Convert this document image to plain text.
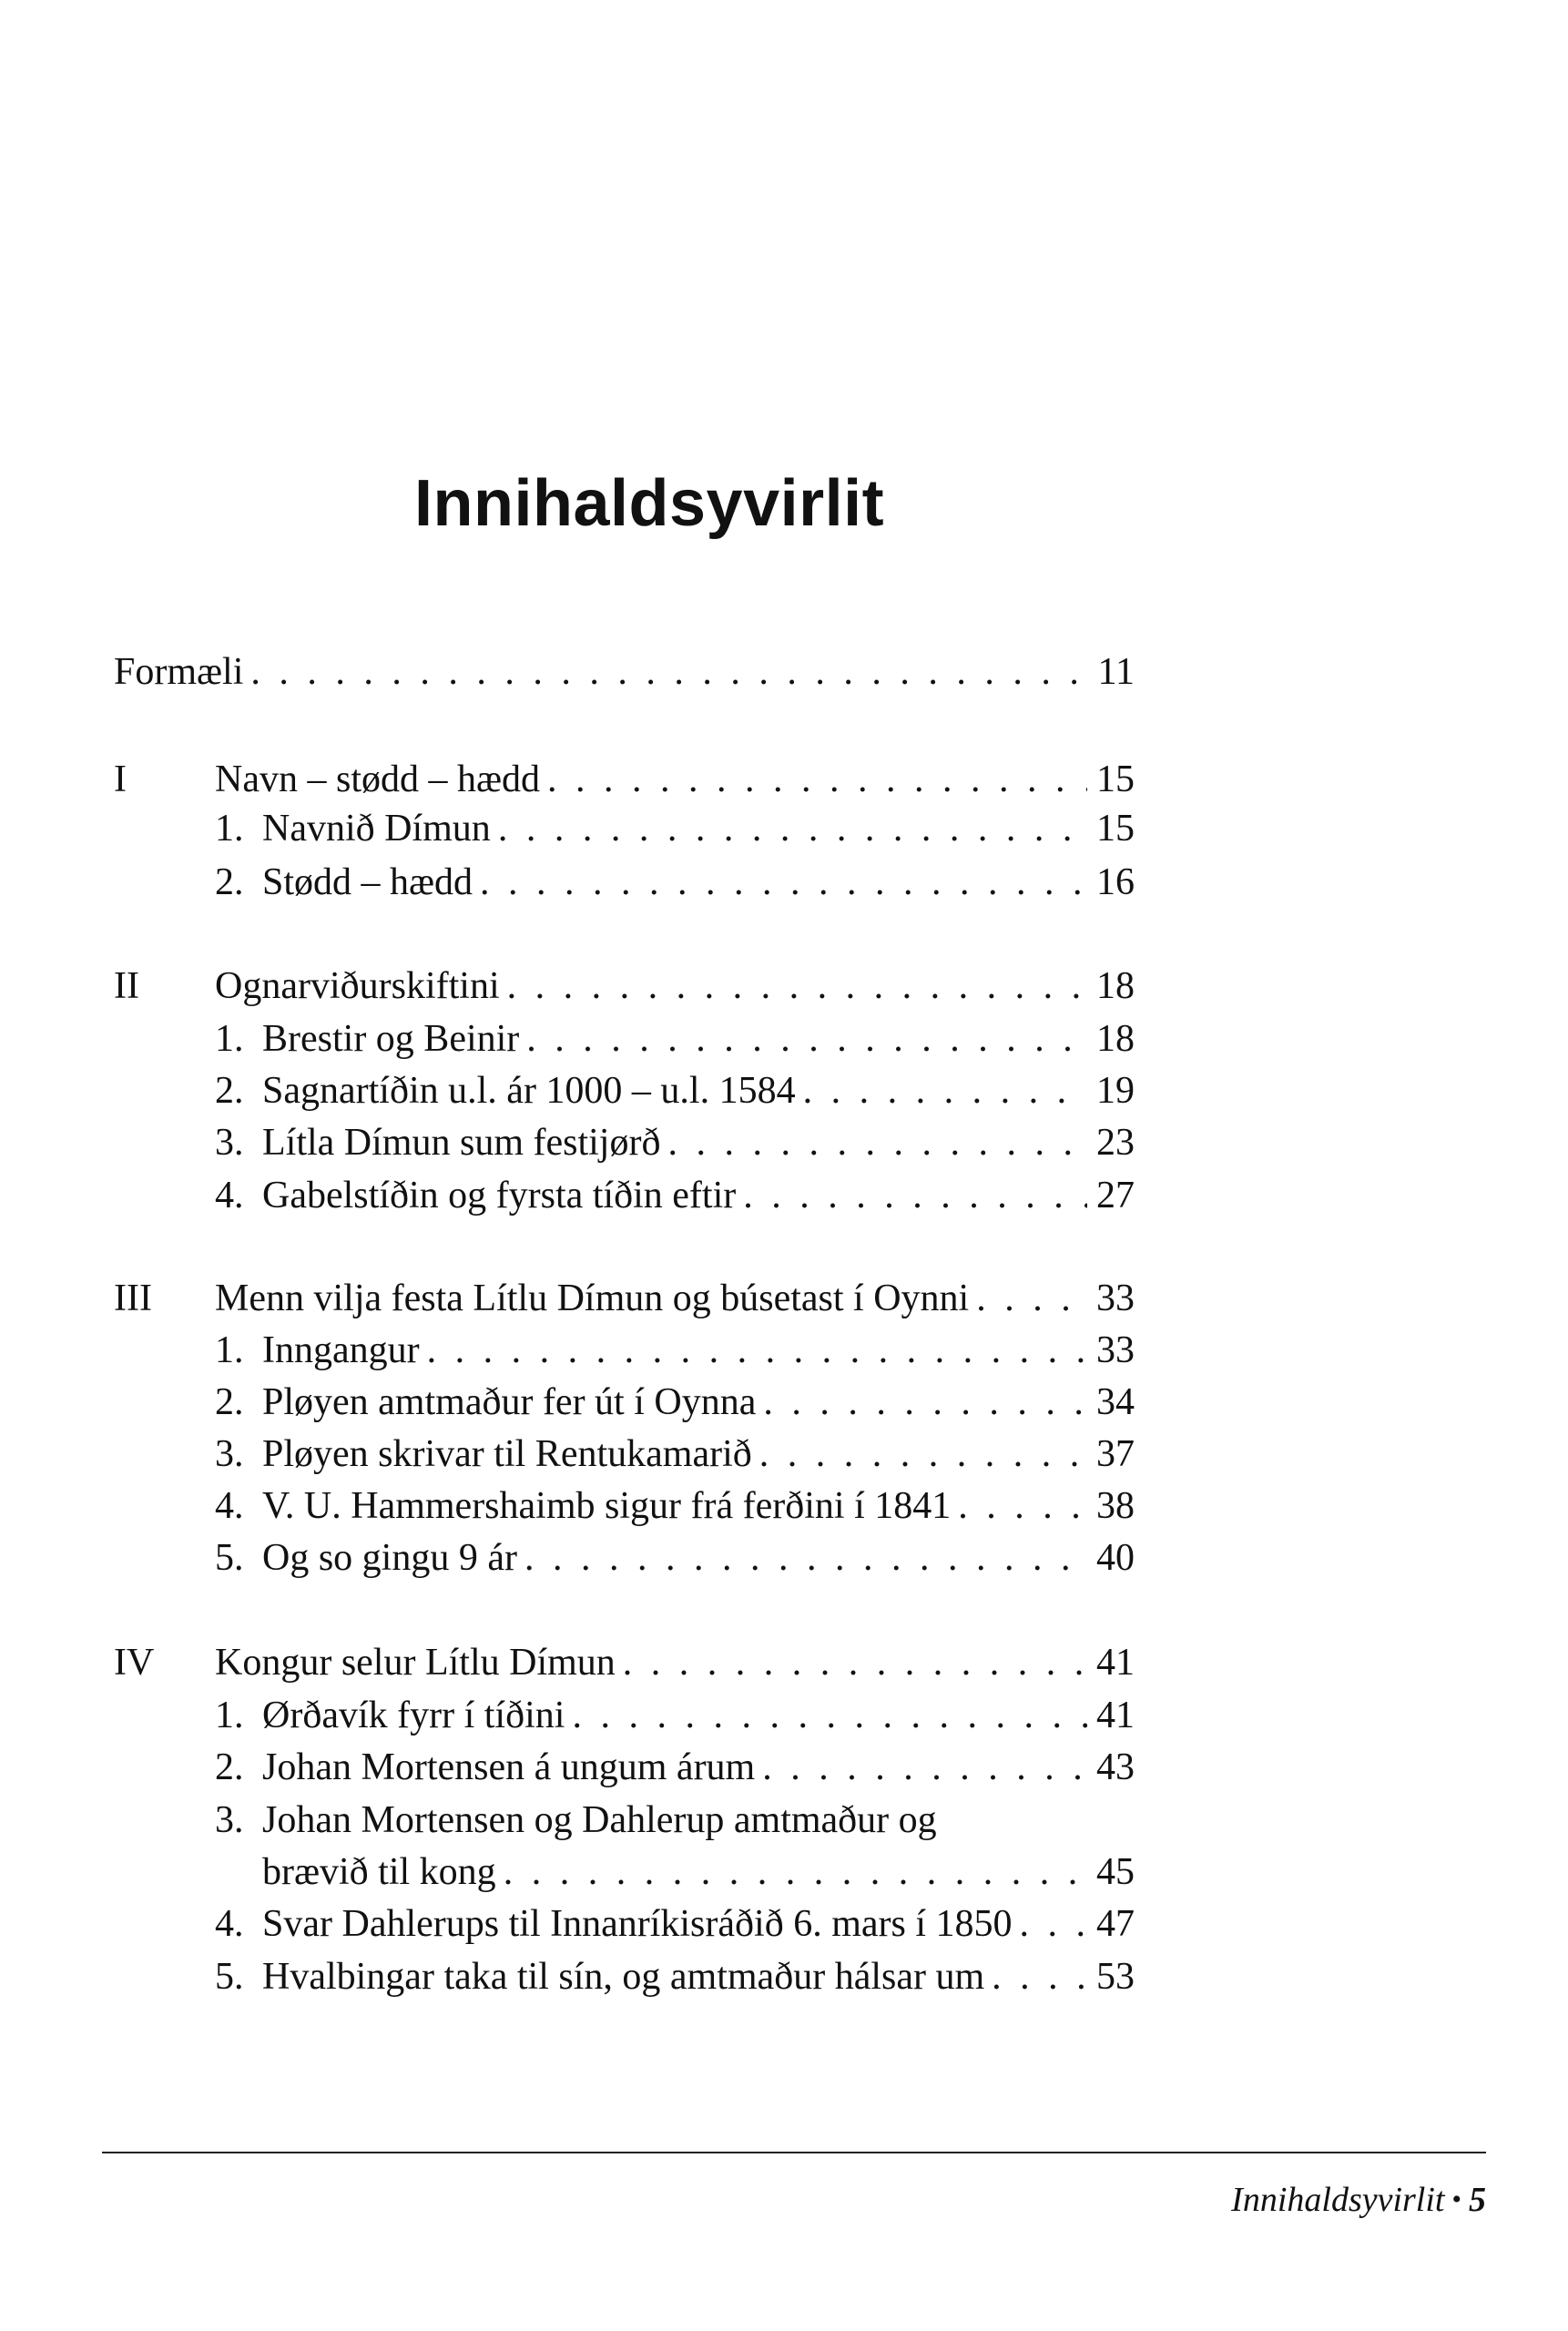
Innihaldsyvirlit
Formæli . . .	11
I Navn – stødd – hædd . . .	15
1. Navnið Dímun . . .	15
2. Stødd – hædd . . .	16
II Ognarviðurskiftini . . .	18
1. Brestir og Beinir . . .	18
2. Sagnartíðin u.l. ár 1000 – u.l. 1584 . . .	19
3. Lítla Dímun sum festijørð . . .	23
4. Gabelstíðin og fyrsta tíðin eftir . . .	27
III Menn vilja festa Lítlu Dímun og búsetast í Oynni . . .	33
1. Inngangur . . .	33
2. Pløyen amtmaður fer út í Oynna . . .	34
3. Pløyen skrivar til Rentukamarið . . .	37
4. V. U. Hammershaimb sigur frá ferðini í 1841 . . .	38
5. Og so gingu 9 ár . . .	40
IV Kongur selur Lítlu Dímun . . .	41
1. Ørðavík fyrr í tíðini . . .	41
2. Johan Mortensen á ungum árum . . .	43
3. Johan Mortensen og Dahlerup amtmaður og
brævið til kong . . .	45
4. Svar Dahlerups til Innanríkisráðið 6. mars í 1850 . . . 47
5. Hvalbingar taka til sín, og amtmaður hálsar um . . .	53
Innihaldsyvirlit • 5
